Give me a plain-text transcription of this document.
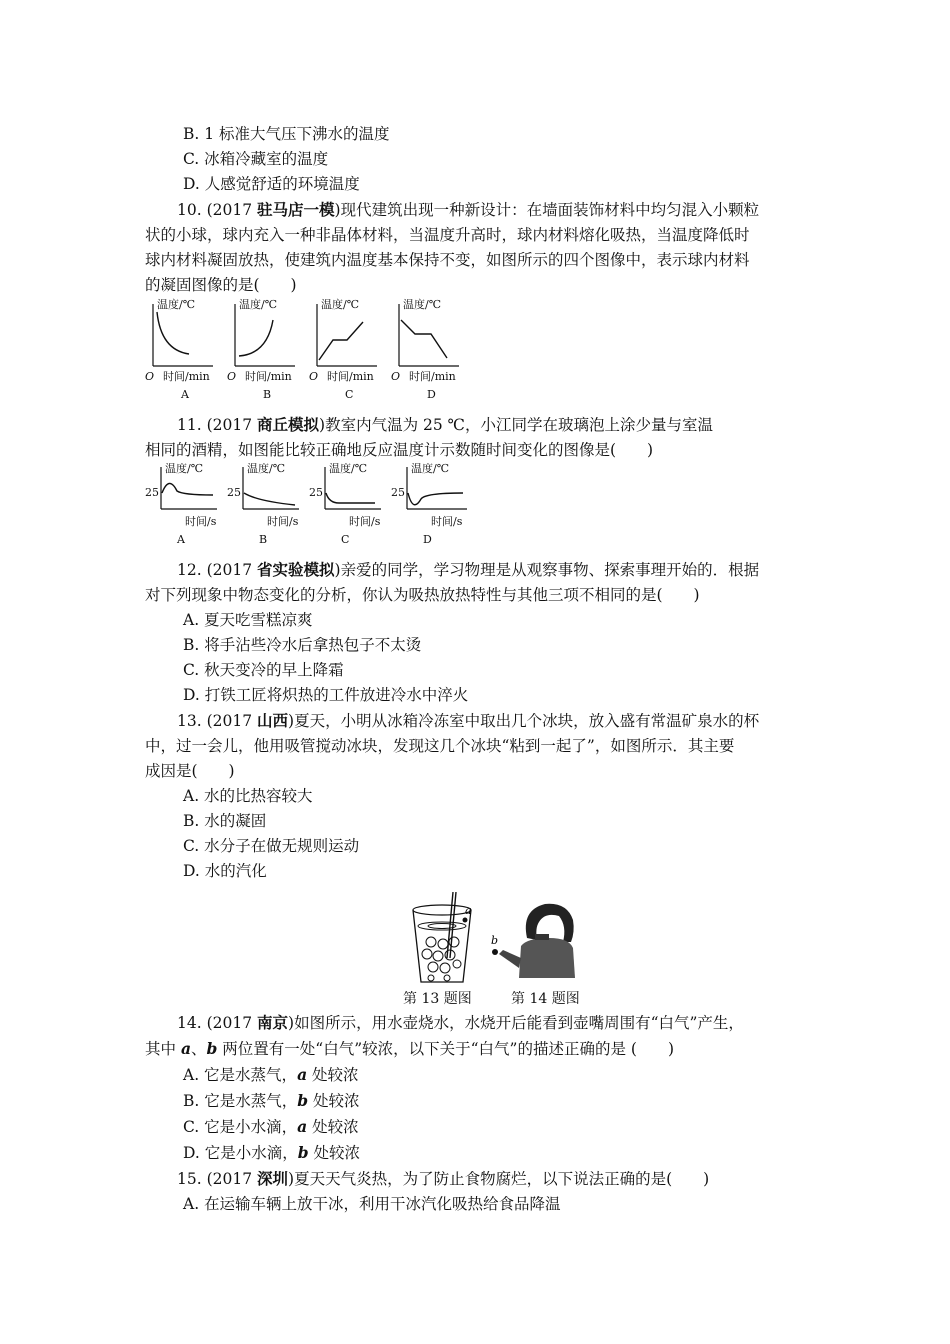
B. 1 标准大气压下沸水的温度
C. 冰箱冷藏室的温度
D. 人感觉舒适的环境温度
10. (2017 驻马店一模)现代建筑出现一种新设计：在墙面装饰材料中均匀混入小颗粒
状的小球，球内充入一种非晶体材料，当温度升高时，球内材料熔化吸热，当温度降低时
球内材料凝固放热，使建筑内温度基本保持不变，如图所示的四个图像中，表示球内材料
的凝固图像的是(　　)
温度/℃
O 时间/min
A
温度/℃
O 时间/min
B
温度/℃
O 时间/min
C
温度/℃
O 时间/min
D
11. (2017 商丘模拟)教室内气温为 25 ℃，小江同学在玻璃泡上涂少量与室温
相同的酒精，如图能比较正确地反应温度计示数随时间变化的图像是(　　)
25
温度/℃
时间/s
A
25
温度/℃
时间/s
B
25
温度/℃
时间/s
C
25
温度/℃
时间/s
D
12. (2017 省实验模拟)亲爱的同学，学习物理是从观察事物、探索事理开始的．根据
对下列现象中物态变化的分析，你认为吸热放热特性与其他三项不相同的是(　　)
A. 夏天吃雪糕凉爽
B. 将手沾些冷水后拿热包子不太烫
C. 秋天变冷的早上降霜
D. 打铁工匠将炽热的工件放进冷水中淬火
13. (2017 山西)夏天，小明从冰箱冷冻室中取出几个冰块，放入盛有常温矿泉水的杯
中，过一会儿，他用吸管搅动冰块，发现这几个冰块“粘到一起了”，如图所示．其主要
成因是(　　)
A. 水的比热容较大
B. 水的凝固
C. 水分子在做无规则运动
D. 水的汽化
a
b
第 13 题图	第 14 题图
14. (2017 南京)如图所示，用水壶烧水，水烧开后能看到壶嘴周围有“白气”产生，
其中 a、b 两位置有一处“白气”较浓，以下关于“白气”的描述正确的是 (　　)
A. 它是水蒸气，a 处较浓
B. 它是水蒸气，b 处较浓
C. 它是小水滴，a 处较浓
D. 它是小水滴，b 处较浓
15. (2017 深圳)夏天天气炎热，为了防止食物腐烂，以下说法正确的是(　　)
A. 在运输车辆上放干冰，利用干冰汽化吸热给食品降温
